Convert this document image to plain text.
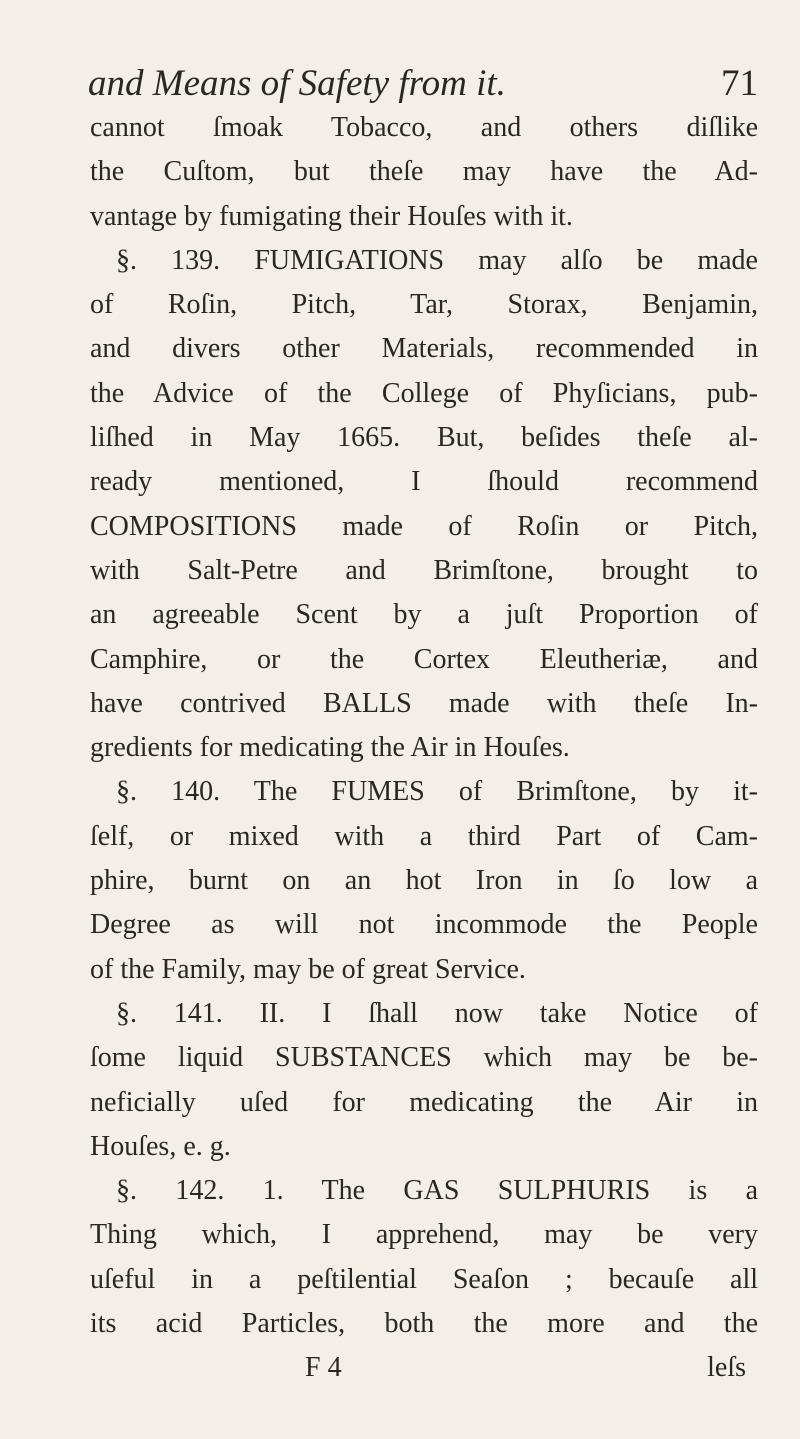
and Means of Safety from it.	71
cannot ſmoak Tobacco, and others diſlike
the Cuſtom, but theſe may have the Ad-
vantage by fumigating their Houſes with it.
§. 139. FUMIGATIONS may alſo be made
of Roſin, Pitch, Tar, Storax, Benjamin,
and divers other Materials, recommended in
the Advice of the College of Phyſicians, pub-
liſhed in May 1665. But, beſides theſe al-
ready mentioned, I ſhould recommend
COMPOSITIONS made of Roſin or Pitch,
with Salt-Petre and Brimſtone, brought to
an agreeable Scent by a juſt Proportion of
Camphire, or the Cortex Eleutheriæ, and
have contrived BALLS made with theſe In-
gredients for medicating the Air in Houſes.
§. 140. The FUMES of Brimſtone, by it-
ſelf, or mixed with a third Part of Cam-
phire, burnt on an hot Iron in ſo low a
Degree as will not incommode the People
of the Family, may be of great Service.
§. 141. II. I ſhall now take Notice of
ſome liquid SUBSTANCES which may be be-
neficially uſed for medicating the Air in
Houſes, e. g.
§. 142. 1. The GAS SULPHURIS is a
Thing which, I apprehend, may be very
uſeful in a peſtilential Seaſon ; becauſe all
its acid Particles, both the more and the
F 4	leſs
